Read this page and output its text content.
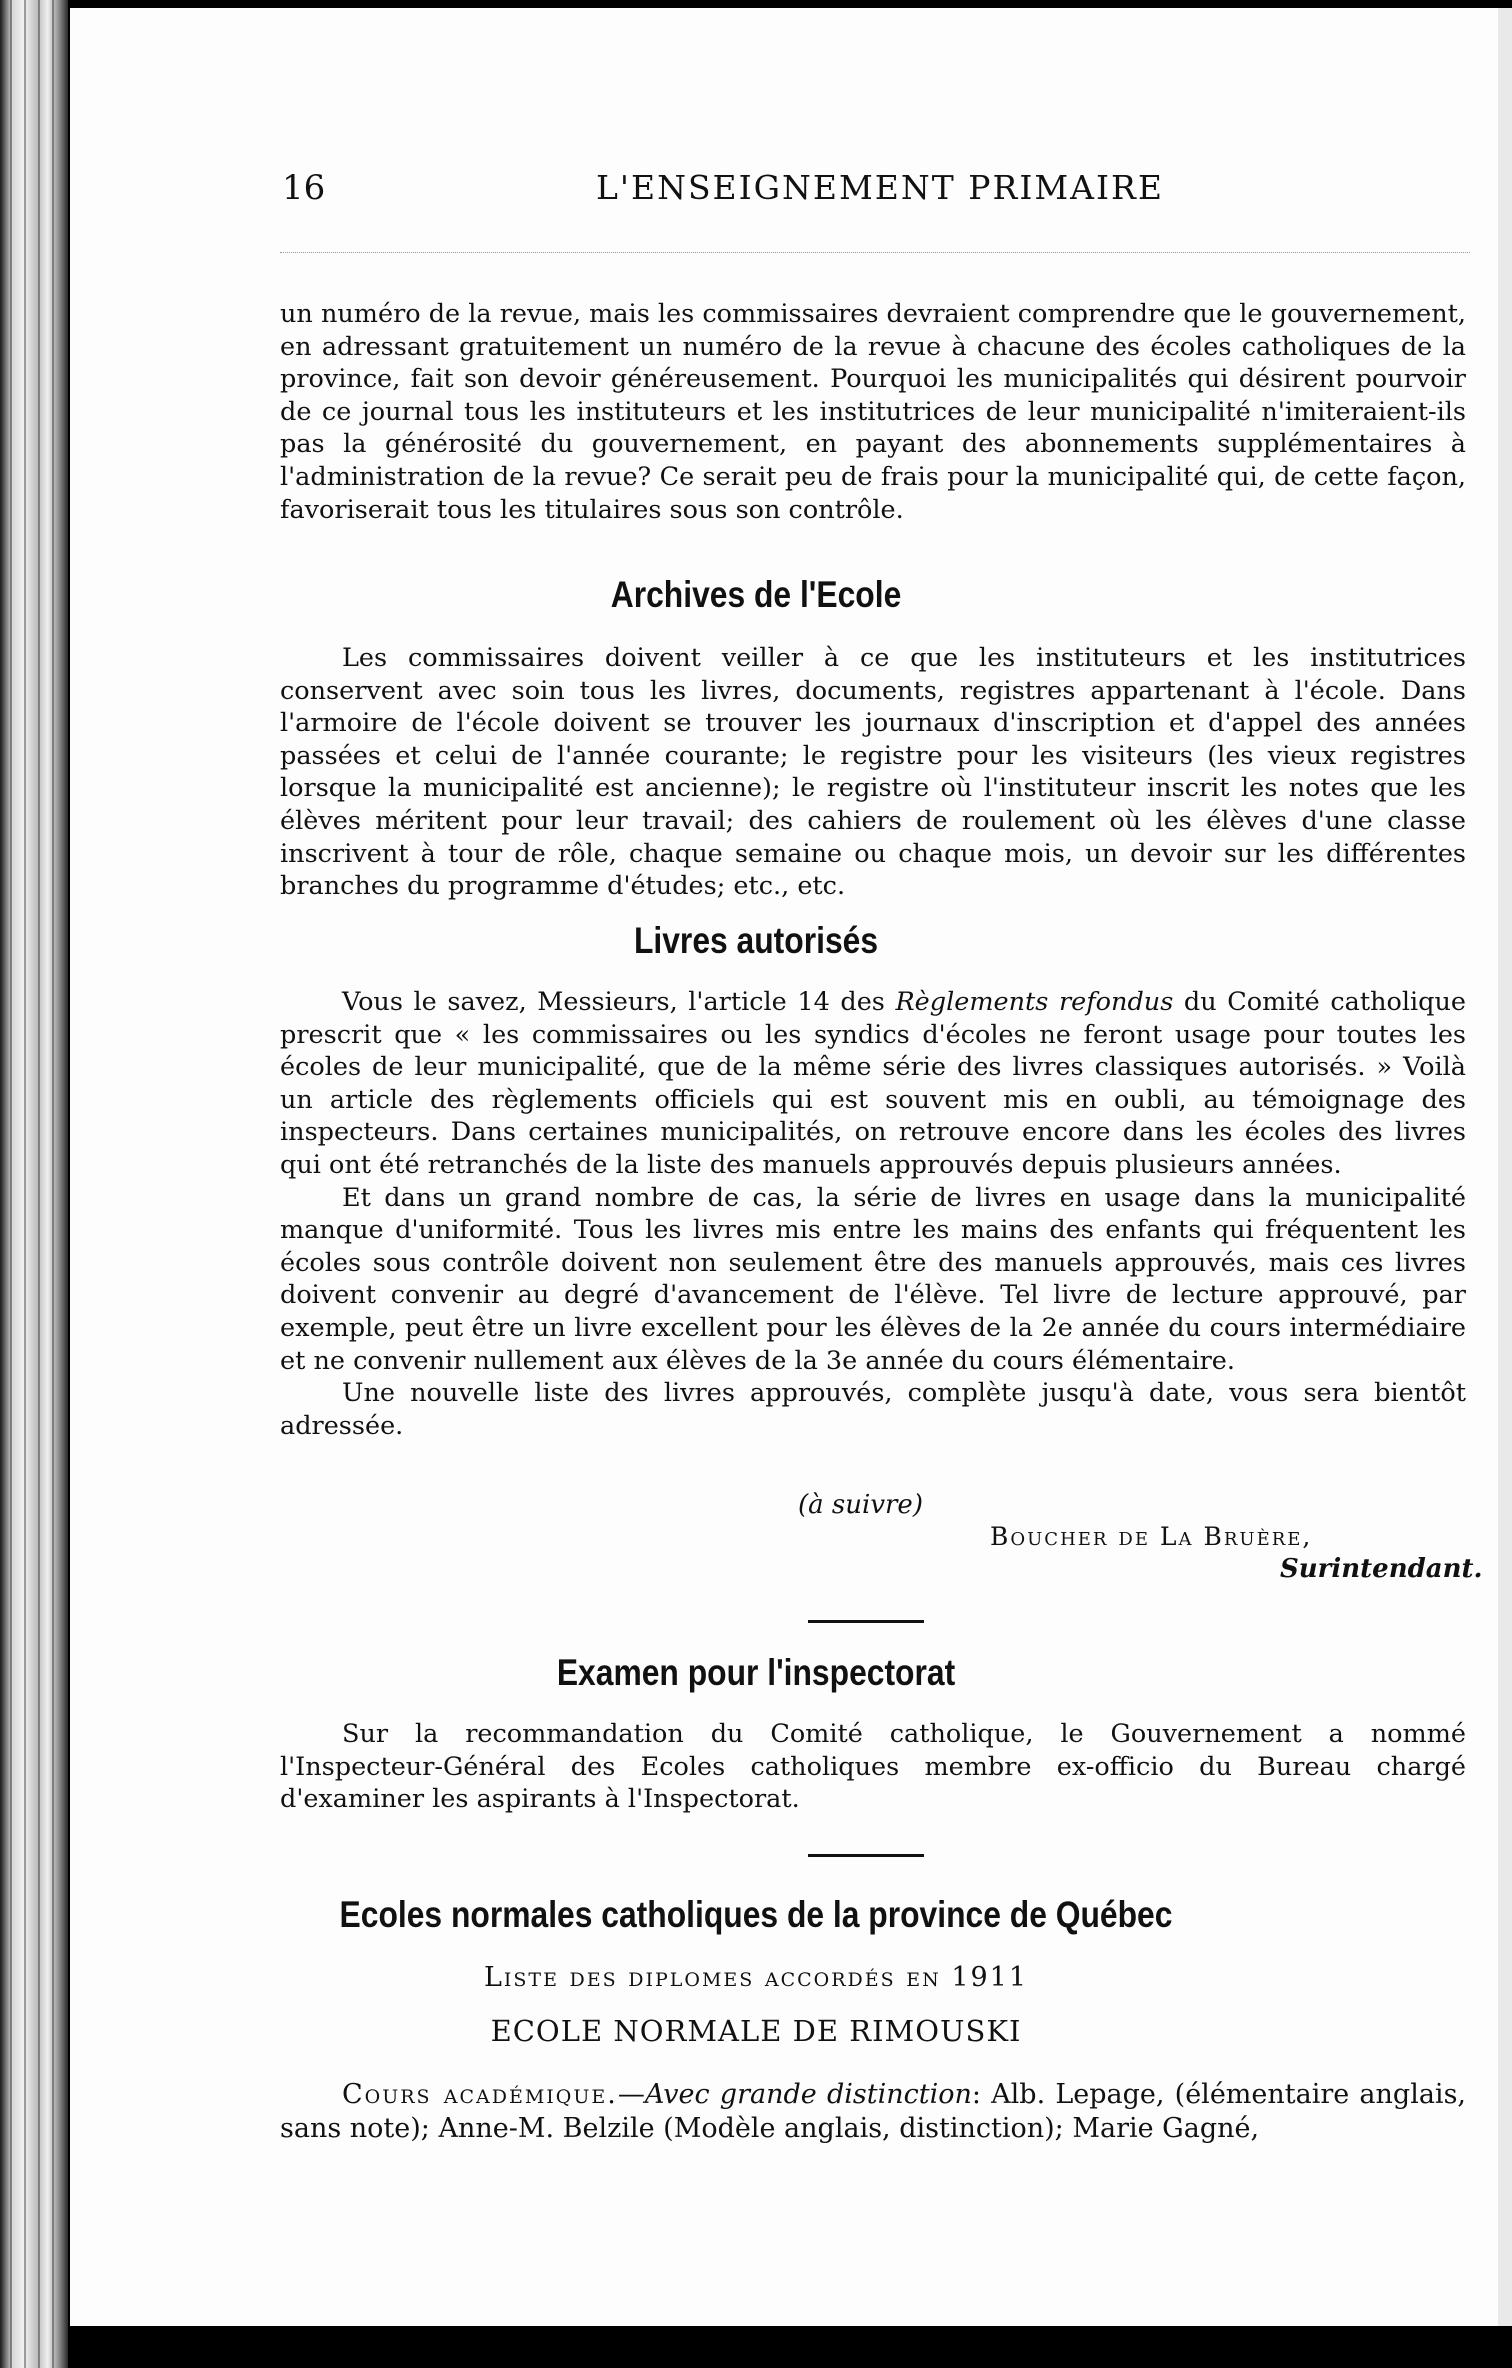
16	L'ENSEIGNEMENT PRIMAIRE

un numéro de la revue, mais les commissaires devraient comprendre que le gouvernement, en adressant gratuitement un numéro de la revue à chacune des écoles catholiques de la province, fait son devoir généreusement. Pourquoi les municipalités qui désirent pourvoir de ce journal tous les instituteurs et les institutrices de leur municipalité n'imiteraient-ils pas la générosité du gouvernement, en payant des abonnements supplémentaires à l'administration de la revue? Ce serait peu de frais pour la municipalité qui, de cette façon, favoriserait tous les titulaires sous son contrôle.

Archives de l'Ecole

Les commissaires doivent veiller à ce que les instituteurs et les institutrices conservent avec soin tous les livres, documents, registres appartenant à l'école. Dans l'armoire de l'école doivent se trouver les journaux d'inscription et d'appel des années passées et celui de l'année courante; le registre pour les visiteurs (les vieux registres lorsque la municipalité est ancienne); le registre où l'instituteur inscrit les notes que les élèves méritent pour leur travail; des cahiers de roulement où les élèves d'une classe inscrivent à tour de rôle, chaque semaine ou chaque mois, un devoir sur les différentes branches du programme d'études; etc., etc.

Livres autorisés

Vous le savez, Messieurs, l'article 14 des Règlements refondus du Comité catholique prescrit que « les commissaires ou les syndics d'écoles ne feront usage pour toutes les écoles de leur municipalité, que de la même série des livres classiques autorisés. » Voilà un article des règlements officiels qui est souvent mis en oubli, au témoignage des inspecteurs. Dans certaines municipalités, on retrouve encore dans les écoles des livres qui ont été retranchés de la liste des manuels approuvés depuis plusieurs années.

Et dans un grand nombre de cas, la série de livres en usage dans la municipalité manque d'uniformité. Tous les livres mis entre les mains des enfants qui fréquentent les écoles sous contrôle doivent non seulement être des manuels approuvés, mais ces livres doivent convenir au degré d'avancement de l'élève. Tel livre de lecture approuvé, par exemple, peut être un livre excellent pour les élèves de la 2e année du cours intermédiaire et ne convenir nullement aux élèves de la 3e année du cours élémentaire.

Une nouvelle liste des livres approuvés, complète jusqu'à date, vous sera bientôt adressée.

(à suivre)
Boucher de La Bruère,
Surintendant.
Examen pour l'inspectorat

Sur la recommandation du Comité catholique, le Gouvernement a nommé l'Inspecteur-Général des Ecoles catholiques membre ex-officio du Bureau chargé d'examiner les aspirants à l'Inspectorat.

Ecoles normales catholiques de la province de Québec
Liste des diplomes accordés en 1911
ECOLE NORMALE DE RIMOUSKI

Cours académique.—Avec grande distinction: Alb. Lepage, (élémentaire anglais, sans note); Anne-M. Belzile (Modèle anglais, distinction); Marie Gagné,
